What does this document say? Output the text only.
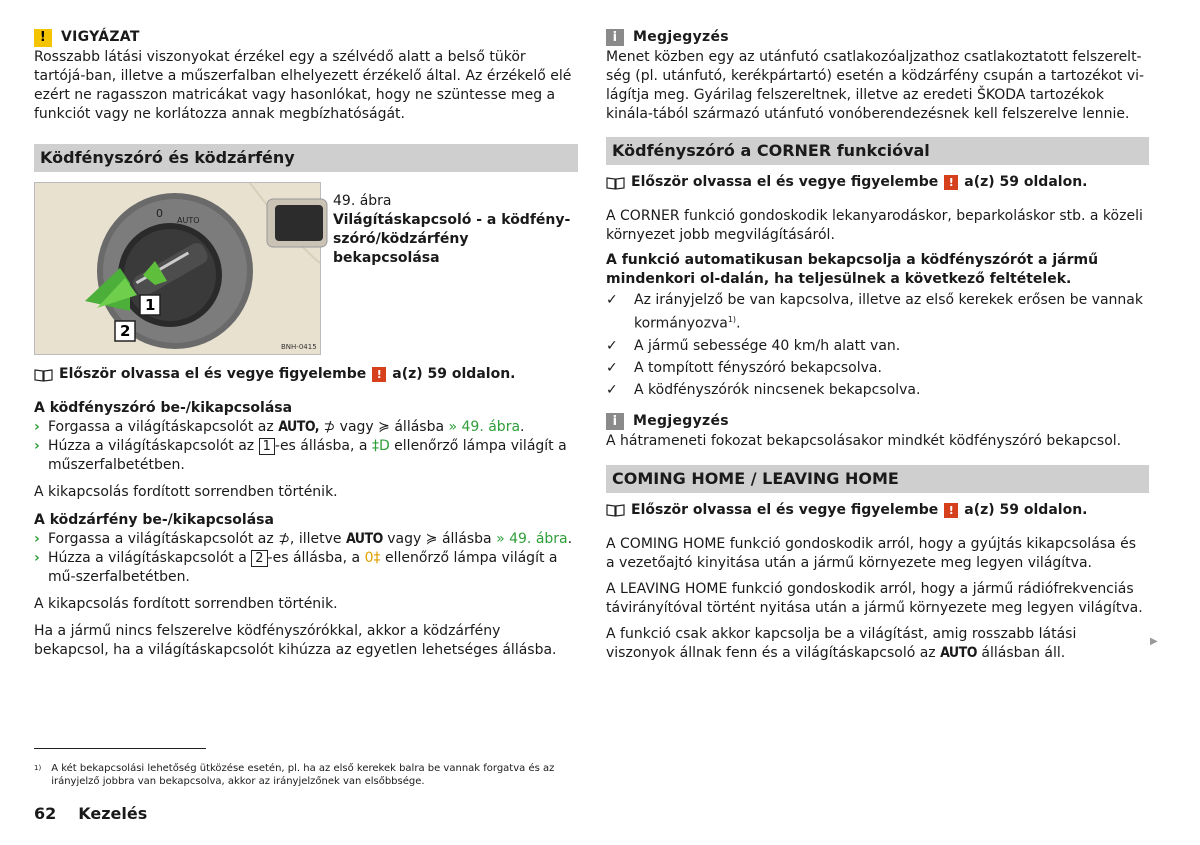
!	VIGYÁZAT

Rosszabb látási viszonyokat érzékel egy a szélvédő alatt a belső tükör tartójá-ban, illetve a műszerfalban elhelyezett érzékelő által. Az érzékelő elé ezért ne ragasszon matricákat vagy hasonlókat, hogy ne szüntesse meg a funkciót vagy ne korlátozza annak megbízhatóságát.

Ködfényszóró és ködzárfény
0
AUTO
1
2
BNH-0415

49. ábra

Világításkapcsoló - a ködfény-szóró/ködzárfény bekapcsolása

Először olvassa el és vegye figyelembe ! a(z) 59 oldalon.

A ködfényszóró be-/kikapcsolása

› Forgassa a világításkapcsolót az AUTO, ⊅ vagy ≽ állásba » 49. ábra.
› Húzza a világításkapcsolót az 1 -es állásba, a ‡D ellenőrző lámpa világít a műszerfalbetétben.

A kikapcsolás fordított sorrendben történik.

A ködzárfény be-/kikapcsolása

› Forgassa a világításkapcsolót az ⊅, illetve AUTO vagy ≽ állásba » 49. ábra.
› Húzza a világításkapcsolót a 2 -es állásba, a 0‡ ellenőrző lámpa világít a mű-szerfalbetétben.

A kikapcsolás fordított sorrendben történik.

Ha a jármű nincs felszerelve ködfényszórókkal, akkor a ködzárfény bekapcsol, ha a világításkapcsolót kihúzza az egyetlen lehetséges állásba.

i	Megjegyzés

Menet közben egy az utánfutó csatlakozóaljzathoz csatlakoztatott felszerelt-ség (pl. utánfutó, kerékpártartó) esetén a ködzárfény csupán a tartozékot vi-lágítja meg. Gyárilag felszereltnek, illetve az eredeti ŠKODA tartozékok kinála-tából származó utánfutó vonóberendezésnek kell felszerelve lennie.

Ködfényszóró a CORNER funkcióval
Először olvassa el és vegye figyelembe ! a(z) 59 oldalon.

A CORNER funkció gondoskodik lekanyarodáskor, beparkoláskor stb. a közeli környezet jobb megvilágításáról.

A funkció automatikusan bekapcsolja a ködfényszórót a jármű mindenkori ol-dalán, ha teljesülnek a következő feltételek.

✓	Az irányjelző be van kapcsolva, illetve az első kerekek erősen be vannak kormányozva$^{1)}$.
✓	A jármű sebessége 40 km/h alatt van.
✓	A tompított fényszóró bekapcsolva.
✓	A ködfényszórók nincsenek bekapcsolva.
i	Megjegyzés

A hátrameneti fokozat bekapcsolásakor mindkét ködfényszóró bekapcsol.

COMING HOME / LEAVING HOME
Először olvassa el és vegye figyelembe ! a(z) 59 oldalon.

A COMING HOME funkció gondoskodik arról, hogy a gyújtás kikapcsolása és a vezetőajtó kinyitása után a jármű környezete meg legyen világítva.

A LEAVING HOME funkció gondoskodik arról, hogy a jármű rádiófrekvenciás távirányítóval történt nyitása után a jármű környezete meg legyen világítva.

A funkció csak akkor kapcsolja be a világítást, amig rosszabb látási viszonyok állnak fenn és a világításkapcsoló az AUTO állásban áll.

▶
1) A két bekapcsolási lehetőség ütközése esetén, pl. ha az első kerekek balra be vannak forgatva és az irányjelző jobbra van bekapcsolva, akkor az irányjelzőnek van elsőbbsége.
62 Kezelés
